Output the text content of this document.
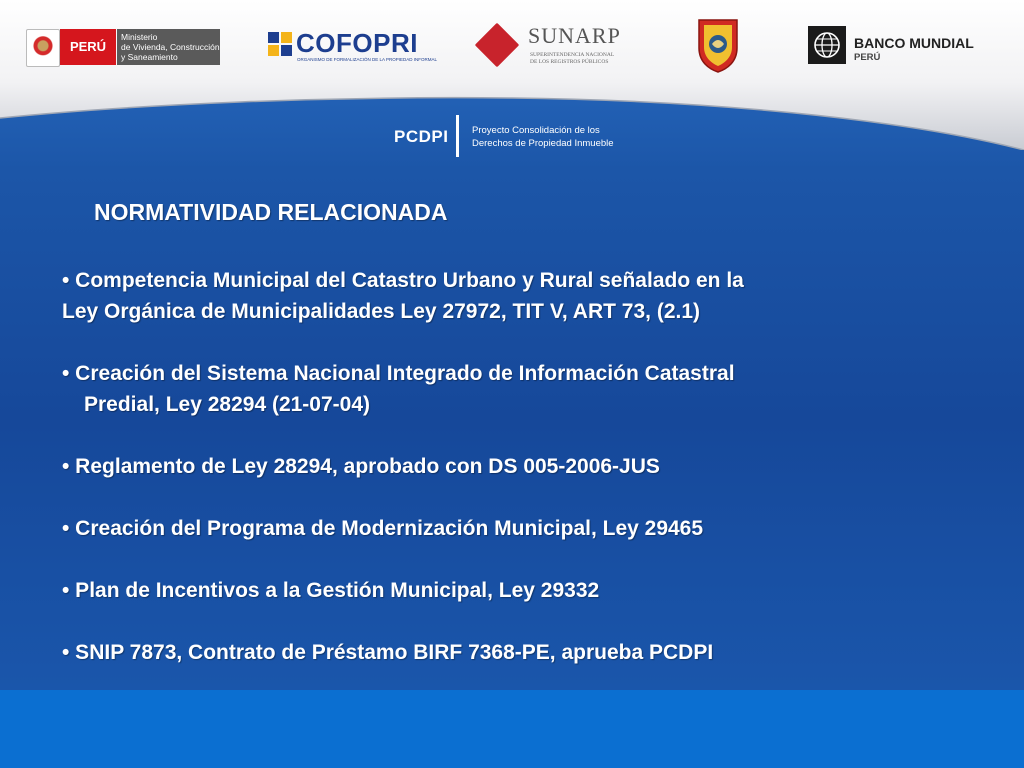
PERÚ
Ministerio
de Vivienda, Construcción
y Saneamiento	COFOPRI
ORGANISMO DE FORMALIZACIÓN DE LA PROPIEDAD INFORMAL
SUNARP
SUPERINTENDENCIA NACIONAL
DE LOS REGISTROS PÚBLICOS
BANCO MUNDIAL
PERÚ
PCDPI Proyecto Consolidación de los
Derechos de Propiedad Inmueble
NORMATIVIDAD RELACIONADA
• Competencia Municipal del Catastro Urbano y Rural señalado en la
Ley Orgánica de Municipalidades Ley 27972, TIT V, ART 73, (2.1)
• Creación del Sistema Nacional Integrado de Información Catastral
Predial, Ley 28294 (21-07-04)
• Reglamento de Ley 28294, aprobado con DS 005-2006-JUS
• Creación del Programa de Modernización Municipal, Ley 29465
• Plan de Incentivos a la Gestión Municipal, Ley 29332
• SNIP 7873, Contrato de Préstamo BIRF 7368-PE, aprueba PCDPI
